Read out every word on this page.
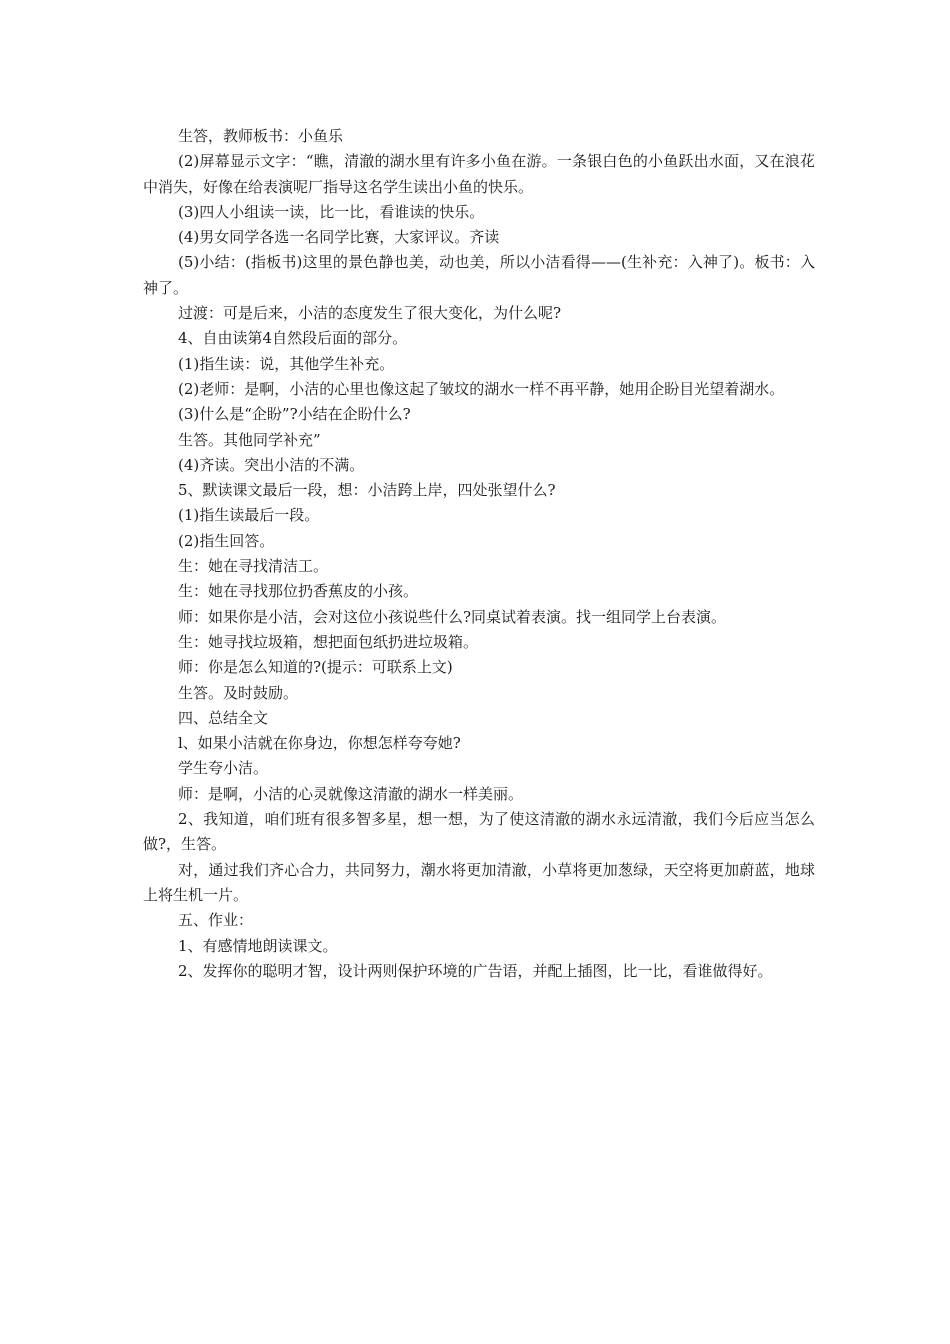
生答，教师板书：小鱼乐

(2)屏幕显示文字：“瞧，清澈的湖水里有许多小鱼在游。一条银白色的小鱼跃出水面，又在浪花中消失，好像在给表演呢厂指导这名学生读出小鱼的快乐。

(3)四人小组读一读，比一比，看谁读的快乐。

(4)男女同学各选一名同学比赛，大家评议。齐读

(5)小结：(指板书)这里的景色静也美，动也美，所以小洁看得——(生补充：入神了)。板书：入神了。

过渡：可是后来，小洁的态度发生了很大变化，为什么呢?

4、自由读第4自然段后面的部分。

(1)指生读：说，其他学生补充。

(2)老师：是啊，小洁的心里也像这起了皱坟的湖水一样不再平静，她用企盼目光望着湖水。

(3)什么是“企盼”?小结在企盼什么?

生答。其他同学补充”

(4)齐读。突出小洁的不满。

5、默读课文最后一段，想：小洁跨上岸，四处张望什么?

(1)指生读最后一段。

(2)指生回答。

生：她在寻找清洁工。

生：她在寻找那位扔香蕉皮的小孩。

师：如果你是小洁，会对这位小孩说些什么?同桌试着表演。找一组同学上台表演。

生：她寻找垃圾箱，想把面包纸扔进垃圾箱。

师：你是怎么知道的?(提示：可联系上文)

生答。及时鼓励。

四、总结全文

l、如果小洁就在你身边，你想怎样夸夸她?

学生夸小洁。

师：是啊，小洁的心灵就像这清澈的湖水一样美丽。

2、我知道，咱们班有很多智多星，想一想，为了使这清澈的湖水永远清澈，我们今后应当怎么做?，生答。

对，通过我们齐心合力，共同努力，潮水将更加清澈，小草将更加葱绿，天空将更加蔚蓝，地球上将生机一片。

五、作业：

1、有感情地朗读课文。

2、发挥你的聪明才智，设计两则保护环境的广告语，并配上插图，比一比，看谁做得好。
